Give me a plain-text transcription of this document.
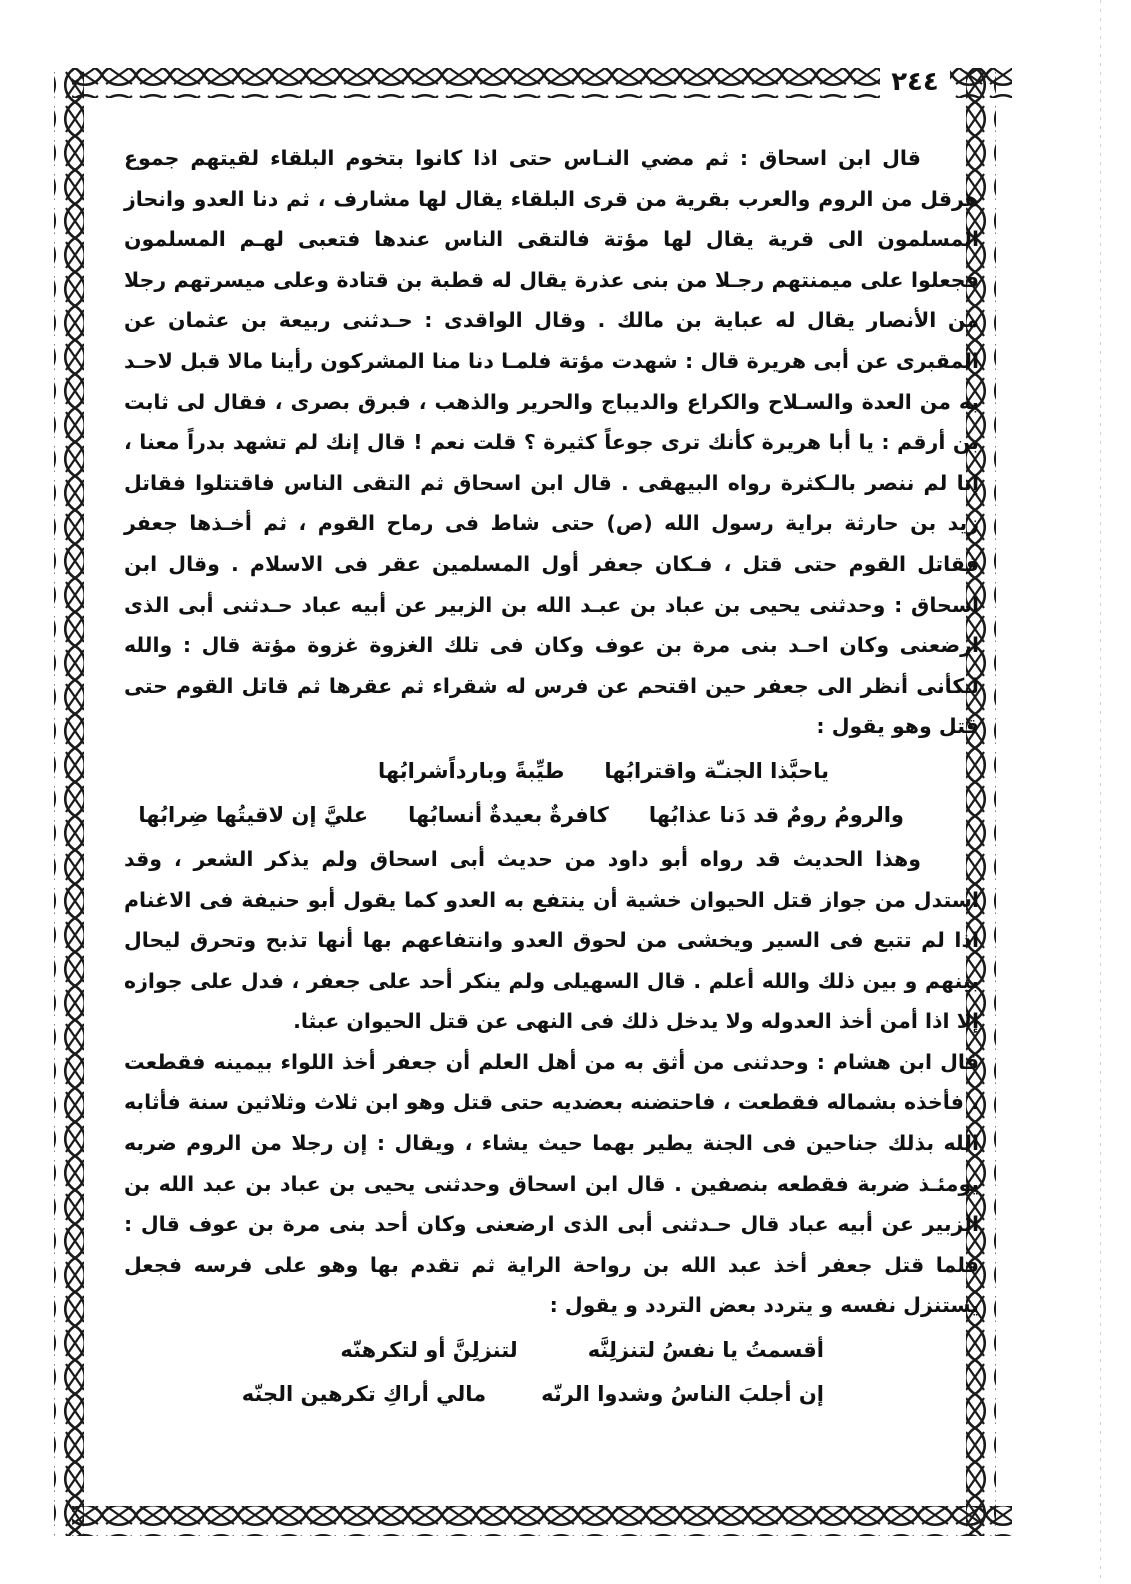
٢٤٤

قال ابن اسحاق : ثم مضي النـاس حتى اذا كانوا بتخوم البلقاء لقيتهم جموع هرقل من الروم والعرب بقرية من قرى البلقاء يقال لها مشارف ، ثم دنا العدو وانحاز المسلمون الى قرية يقال لها مؤتة فالتقى الناس عندها فتعبى لهـم المسلمون فجعلوا على ميمنتهم رجـلا من بنى عذرة يقال له قطبة بن قتادة وعلى ميسرتهم رجلا من الأنصار يقال له عباية بن مالك . وقال الواقدى : حـدثنى ربيعة بن عثمان عن المقبرى عن أبى هريرة قال : شهدت مؤتة فلمـا دنا منا المشركون رأينا مالا قبل لاحـد به من العدة والسـلاح والكراع والديباج والحرير والذهب ، فبرق بصرى ، فقال لى ثابت بن أرقم : يا أبا هريرة كأنك ترى جوعاً كثيرة ؟ قلت نعم ! قال إنك لم تشهد بدراً معنا ، إنا لم ننصر بالـكثرة رواه البيهقى . قال ابن اسحاق ثم التقى الناس فاقتتلوا فقاتل زيد بن حارثة براية رسول الله (ص) حتى شاط فى رماح القوم ، ثم أخـذها جعفر فقاتل القوم حتى قتل ، فـكان جعفر أول المسلمين عقر فى الاسلام . وقال ابن اسحاق : وحدثنى يحيى بن عباد بن عبـد الله بن الزبير عن أبيه عباد حـدثنى أبى الذى ارضعنى وكان احـد بنى مرة بن عوف وكان فى تلك الغزوة غزوة مؤتة قال : والله لـكأنى أنظر الى جعفر حين اقتحم عن فرس له شقراء ثم عقرها ثم قاتل القوم حتى قتل وهو يقول :

ياحبَّذا الجنـّة واقترابُها
طيِّبةً وبارداً
شرابُها
والرومُ رومٌ قد دَنا عذابُها
كافرةٌ بعيدةٌ أنسابُها
عليَّ إن لاقيتُها ضِرابُها

وهذا الحديث قد رواه أبو داود من حديث أبى اسحاق ولم يذكر الشعر ، وقد استدل من جواز قتل الحيوان خشية أن ينتفع به العدو كما يقول أبو حنيفة فى الاغنام اذا لم تتبع فى السير ويخشى من لحوق العدو وانتفاعهم بها أنها تذبح وتحرق ليحال بينهم و بين ذلك والله أعلم . قال السهيلى ولم ينكر أحد على جعفر ، فدل على جوازه إلا اذا أمن أخذ العدوله ولا يدخل ذلك فى النهى عن قتل الحيوان عبثا.

قال ابن هشام : وحدثنى من أثق به من أهل العلم أن جعفر أخذ اللواء بيمينه فقطعت ، فأخذه بشماله فقطعت ، فاحتضنه بعضديه حتى قتل وهو ابن ثلاث وثلاثين سنة فأثابه الله بذلك جناحين فى الجنة يطير بهما حيث يشاء ، ويقال : إن رجلا من الروم ضربه يومئـذ ضربة فقطعه بنصفين . قال ابن اسحاق وحدثنى يحيى بن عباد بن عبد الله بن الزبير عن أبيه عباد قال حـدثنى أبى الذى ارضعنى وكان أحد بنى مرة بن عوف قال : فلما قتل جعفر أخذ عبد الله بن رواحة الراية ثم تقدم بها وهو على فرسه فجعل يستنزل نفسه و يتردد بعض التردد و يقول :

أقسمتُ يا نفسُ لتنزلِنَّه
لتنزلِنَّ أو لتكرهنّه
إن أجلبَ الناسُ وشدوا الرنّه
مالي أراكِ تكرهين الجنّه
